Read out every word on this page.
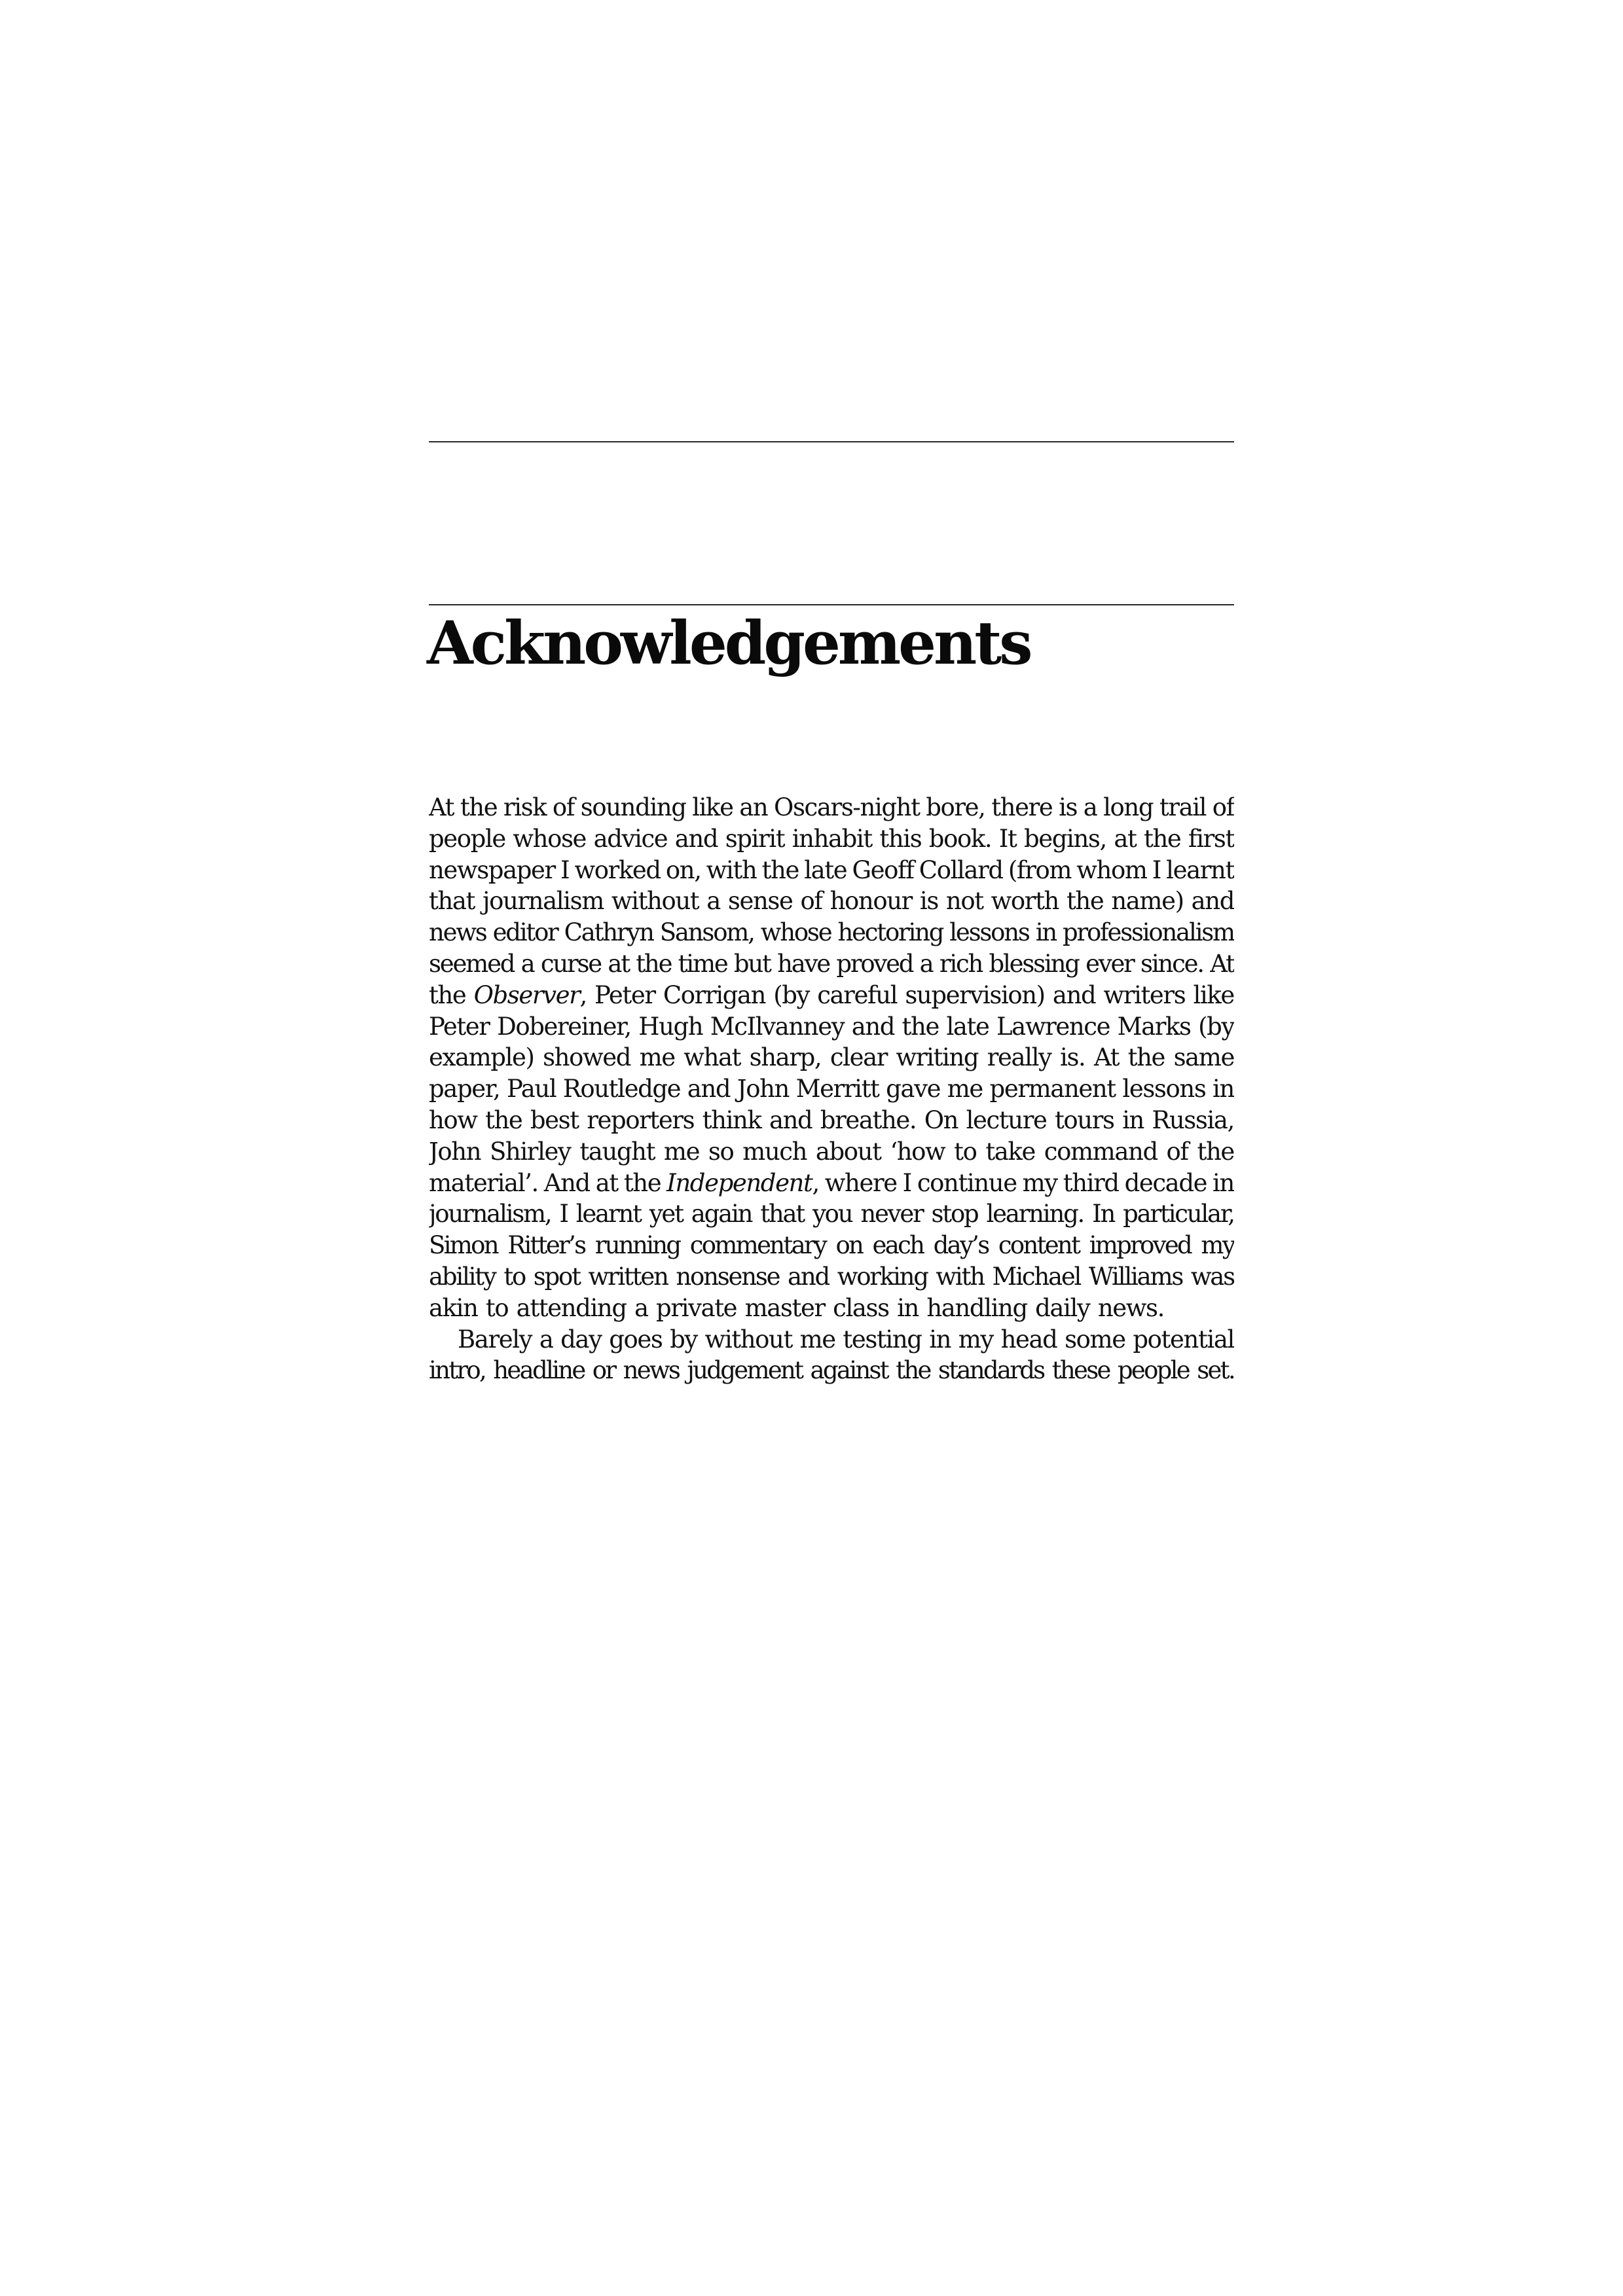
Acknowledgements
At the risk of sounding like an Oscars-night bore, there is a long trail of
people whose advice and spirit inhabit this book. It begins, at the first
newspaper I worked on, with the late Geoff Collard (from whom I learnt
that journalism without a sense of honour is not worth the name) and
news editor Cathryn Sansom, whose hectoring lessons in professionalism
seemed a curse at the time but have proved a rich blessing ever since. At
the Observer, Peter Corrigan (by careful supervision) and writers like
Peter Dobereiner, Hugh McIlvanney and the late Lawrence Marks (by
example) showed me what sharp, clear writing really is. At the same
paper, Paul Routledge and John Merritt gave me permanent lessons in
how the best reporters think and breathe. On lecture tours in Russia,
John Shirley taught me so much about ‘how to take command of the
material’. And at the Independent, where I continue my third decade in
journalism, I learnt yet again that you never stop learning. In particular,
Simon Ritter’s running commentary on each day’s content improved my
ability to spot written nonsense and working with Michael Williams was
akin
to
attending
a
private
master
class
in
handling
daily
news.
Barely a day goes by without me testing in my head some potential
intro, headline or news judgement against the standards these people set.
